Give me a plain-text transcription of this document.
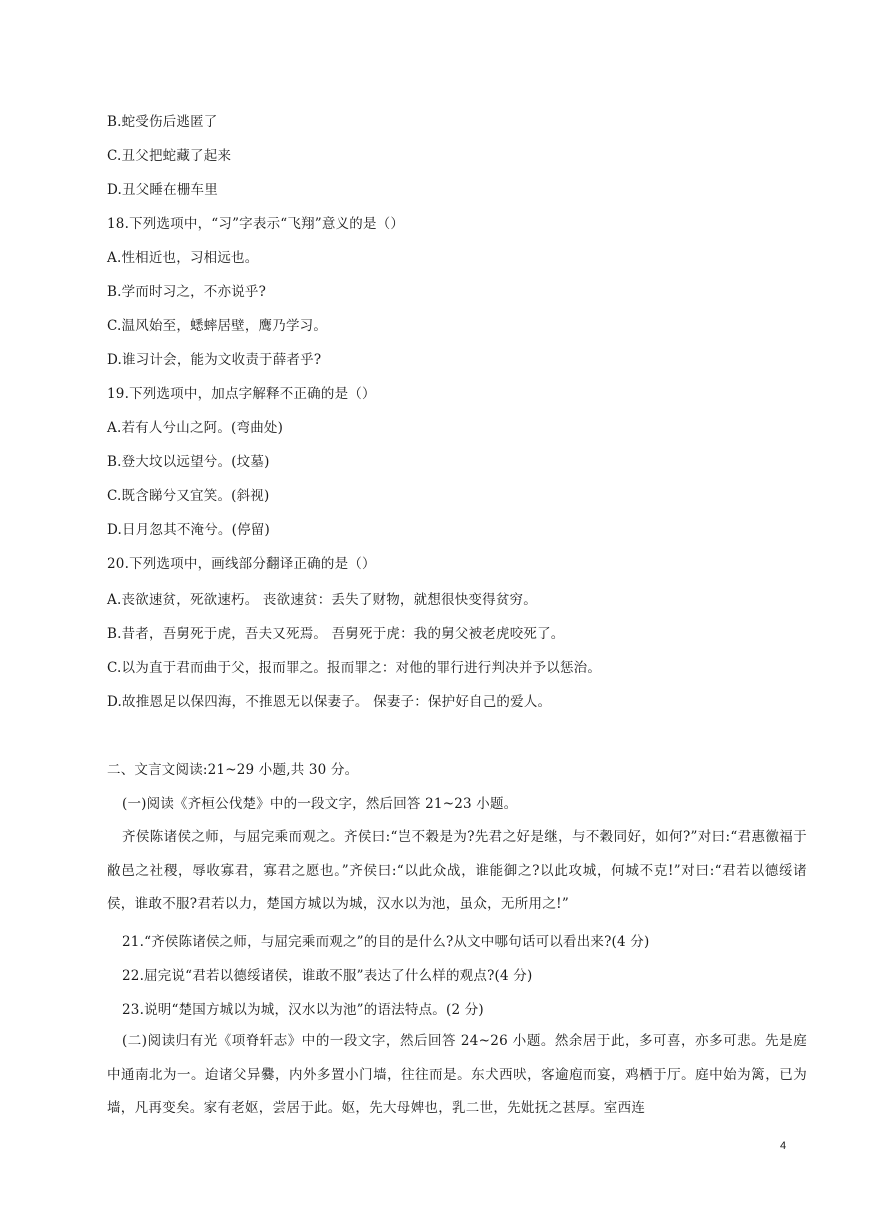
B.蛇受伤后逃匿了
C.丑父把蛇藏了起来
D.丑父睡在栅车里
18.下列选项中，“习”字表示“飞翔”意义的是（）
A.性相近也，习相远也。
B.学而时习之，不亦说乎?
C.温风始至，蟋蟀居壁，鹰乃学习。
D.谁习计会，能为文收责于薛者乎?
19.下列选项中，加点字解释不正确的是（）
A.若有人兮山之阿。(弯曲处)
B.登大坟以远望兮。(坟墓)
C.既含睇兮又宜笑。(斜视)
D.日月忽其不淹兮。(停留)
20.下列选项中，画线部分翻译正确的是（）
A.丧欲速贫，死欲速朽。 丧欲速贫：丢失了财物，就想很快变得贫穷。
B.昔者，吾舅死于虎，吾夫又死焉。 吾舅死于虎：我的舅父被老虎咬死了。
C.以为直于君而曲于父，报而罪之。报而罪之：对他的罪行进行判决并予以惩治。
D.故推恩足以保四海，不推恩无以保妻子。 保妻子：保护好自己的爱人。
二、文言文阅读:21~29 小题,共 30 分。
(一)阅读《齐桓公伐楚》中的一段文字，然后回答 21~23 小题。
齐侯陈诸侯之师，与屈完乘而观之。齐侯曰:“岂不穀是为?先君之好是继，与不穀同好，如何?”对曰:“君惠徼福于敝邑之社稷，辱收寡君，寡君之愿也。”齐侯曰:“以此众战，谁能御之?以此攻城，何城不克!”对曰:“君若以德绥诸侯，谁敢不服?君若以力，楚国方城以为城，汉水以为池，虽众，无所用之!”
21.“齐侯陈诸侯之师，与屈完乘而观之”的目的是什么?从文中哪句话可以看出来?(4 分)
22.屈完说“君若以德绥诸侯，谁敢不服”表达了什么样的观点?(4 分)
23.说明“楚国方城以为城，汉水以为池”的语法特点。(2 分)
(二)阅读归有光《项脊轩志》中的一段文字，然后回答 24~26 小题。然余居于此，多可喜，亦多可悲。先是庭中通南北为一。迨诸父异爨，内外多置小门墙，往往而是。东犬西吠，客逾庖而宴，鸡栖于厅。庭中始为篱，已为墙，凡再变矣。家有老妪，尝居于此。妪，先大母婢也，乳二世，先妣抚之甚厚。室西连
4
